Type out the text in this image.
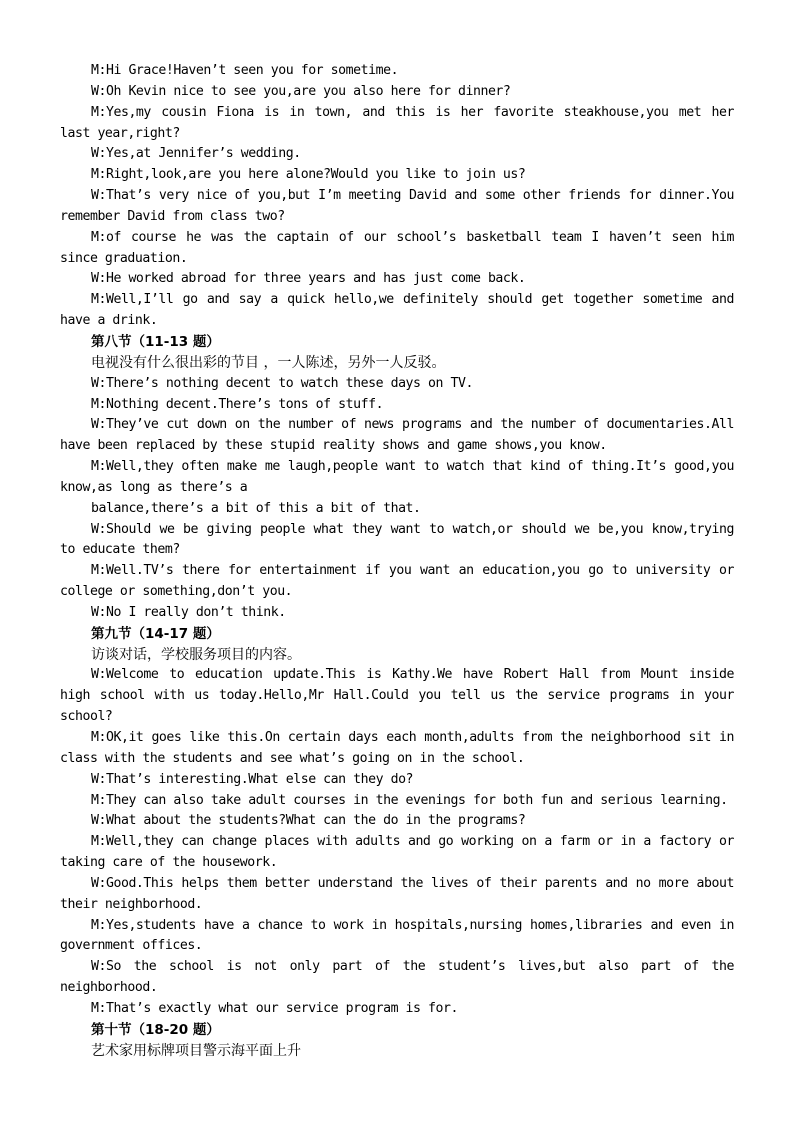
M:Hi Grace!Haven’t seen you for sometime.

W:Oh Kevin nice to see you,are you also here for dinner?

M:Yes,my cousin Fiona is in town, and this is her favorite steakhouse,you met her last year,right?

W:Yes,at Jennifer’s wedding.

M:Right,look,are you here alone?Would you like to join us?

W:That’s very nice of you,but I’m meeting David and some other friends for dinner.You remember David from class two?

M:of course he was the captain of our school’s basketball team I haven’t seen him since graduation.

W:He worked abroad for three years and has just come back.

M:Well,I’ll go and say a quick hello,we definitely should get together sometime and have a drink.

第八节（11-13 题）

电视没有什么很出彩的节目 ，一人陈述，另外一人反驳。

W:There’s nothing decent to watch these days on TV.

M:Nothing decent.There’s tons of stuff.

W:They’ve cut down on the number of news programs and the number of documentaries.All have been replaced by these stupid reality shows and game shows,you know.

M:Well,they often make me laugh,people want to watch that kind of thing.It’s good,you know,as long as there’s a

balance,there’s a bit of this a bit of that.

W:Should we be giving people what they want to watch,or should we be,you know,trying to educate them?

M:Well.TV’s there for entertainment if you want an education,you go to university or college or something,don’t you.

W:No I really don’t think.

第九节（14-17 题）

访谈对话，学校服务项目的内容。

W:Welcome to education update.This is Kathy.We have Robert Hall from Mount inside high school with us today.Hello,Mr Hall.Could you tell us the service programs in your school?

M:OK,it goes like this.On certain days each month,adults from the neighborhood sit in class with the students and see what’s going on in the school.

W:That’s interesting.What else can they do?

M:They can also take adult courses in the evenings for both fun and serious learning.

W:What about the students?What can the do in the programs?

M:Well,they can change places with adults and go working on a farm or in a factory or taking care of the housework.

W:Good.This helps them better understand the lives of their parents and no more about their neighborhood.

M:Yes,students have a chance to work in hospitals,nursing homes,libraries and even in government offices.

W:So the school is not only part of the student’s lives,but also part of the neighborhood.

M:That’s exactly what our service program is for.

第十节（18-20 题）

艺术家用标牌项目警示海平面上升
